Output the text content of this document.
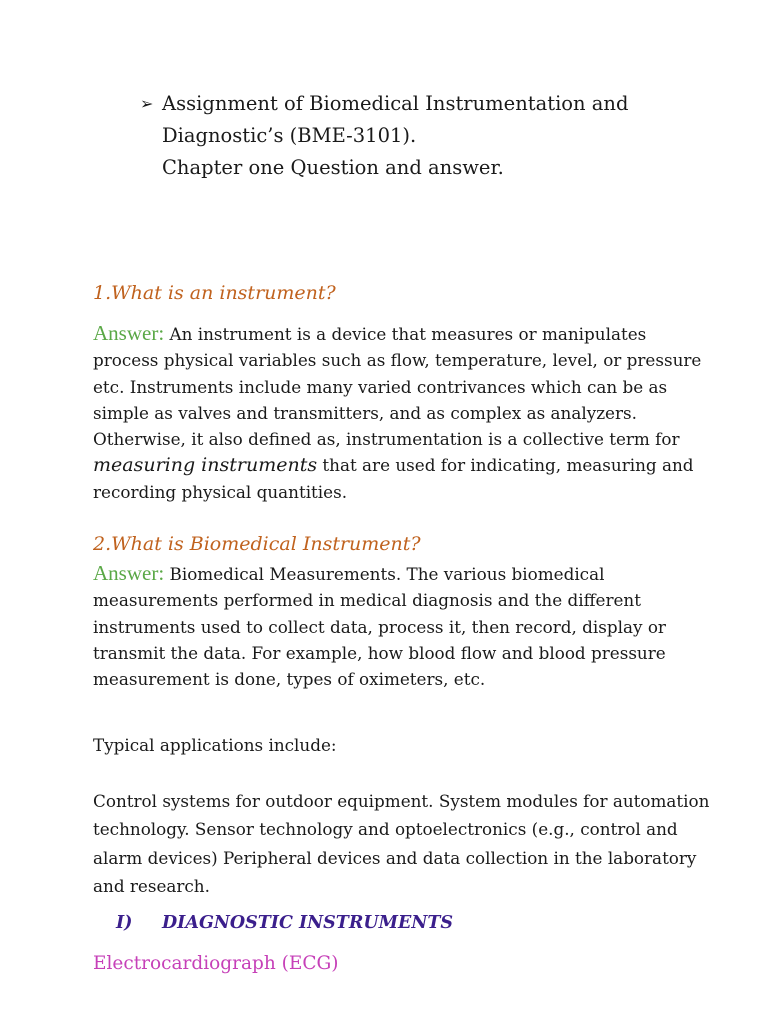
➢ Assignment of Biomedical Instrumentation and
Diagnostic’s (BME-3101).
Chapter one Question and answer.
1.What is an instrument?
Answer: An instrument is a device that measures or manipulates process physical variables such as flow, temperature, level, or pressure etc. Instruments include many varied contrivances which can be as simple as valves and transmitters, and as complex as analyzers. Otherwise, it also defined as, instrumentation is a collective term for measuring instruments that are used for indicating, measuring and recording physical quantities.
2.What is Biomedical Instrument?
Answer: Biomedical Measurements. The various biomedical measurements performed in medical diagnosis and the different instruments used to collect data, process it, then record, display or transmit the data. For example, how blood flow and blood pressure measurement is done, types of oximeters, etc.
Typical applications include:
Control systems for outdoor equipment. System modules for automation technology. Sensor technology and optoelectronics (e.g., control and alarm devices) Peripheral devices and data collection in the laboratory and research.
I)	DIAGNOSTIC INSTRUMENTS
Electrocardiograph (ECG)
